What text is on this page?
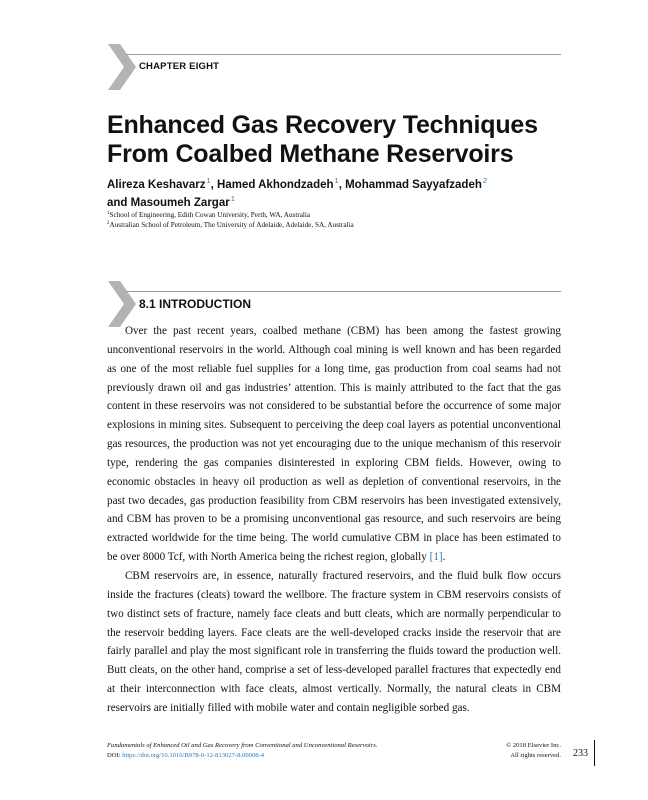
CHAPTER EIGHT
Enhanced Gas Recovery Techniques
From Coalbed Methane Reservoirs
Alireza Keshavarz$^1$, Hamed Akhondzadeh$^1$, Mohammad Sayyafzadeh$^2$
and Masoumeh Zargar$^1$
$^1$School of Engineering, Edith Cowan University, Perth, WA, Australia
$^2$Australian School of Petroleum, The University of Adelaide, Adelaide, SA, Australia
8.1 INTRODUCTION

Over the past recent years, coalbed methane (CBM) has been among the fastest growing unconventional reservoirs in the world. Although coal mining is well known and has been regarded as one of the most reliable fuel supplies for a long time, gas production from coal seams had not previously drawn oil and gas industries’ attention. This is mainly attributed to the fact that the gas content in these reservoirs was not considered to be substantial before the occurrence of some major explosions in mining sites. Subsequent to perceiving the deep coal layers as potential unconventional gas resources, the production was not yet encouraging due to the unique mechanism of this reservoir type, rendering the gas companies disinterested in exploring CBM fields. However, owing to economic obstacles in heavy oil production as well as depletion of conventional reservoirs, in the past two decades, gas production feasibility from CBM reservoirs has been investigated extensively, and CBM has proven to be a promising unconventional gas resource, and such reservoirs are being extracted worldwide for the time being. The world cumulative CBM in place has been estimated to be over 8000 Tcf, with North America being the richest region, globally [1].

CBM reservoirs are, in essence, naturally fractured reservoirs, and the fluid bulk flow occurs inside the fractures (cleats) toward the wellbore. The fracture system in CBM reservoirs consists of two distinct sets of fracture, namely face cleats and butt cleats, which are normally perpendicular to the reservoir bedding layers. Face cleats are the well-developed cracks inside the reservoir that are fairly parallel and play the most significant role in transferring the fluids toward the production well. Butt cleats, on the other hand, comprise a set of less-developed parallel fractures that expectedly end at their interconnection with face cleats, almost vertically. Normally, the natural cleats in CBM reservoirs are initially filled with mobile water and contain negligible sorbed gas.

Fundamentals of Enhanced Oil and Gas Recovery from Conventional and Unconventional Reservoirs.
DOI: https://doi.org/10.1016/B978-0-12-813027-8.00008-4
© 2018 Elsevier Inc.
All rights reserved. 233
